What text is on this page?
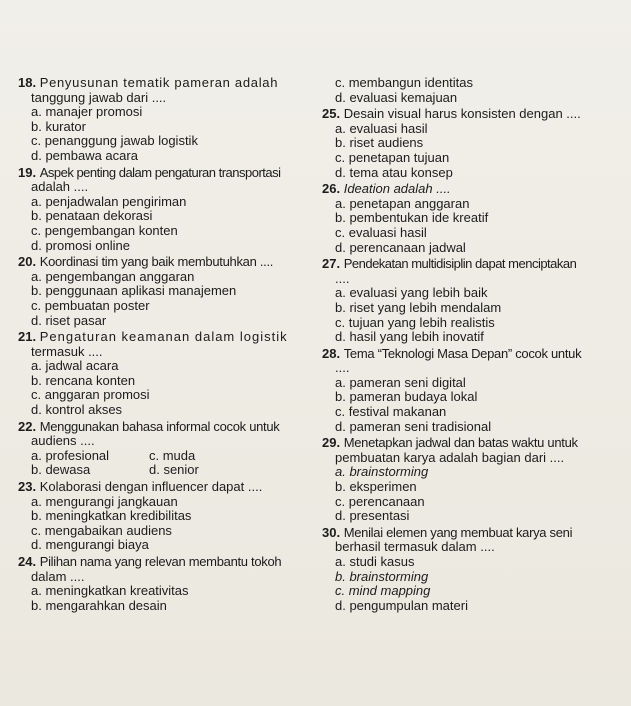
18. Penyusunan tematik pameran adalah
tanggung jawab dari ....
a. manajer promosi
b. kurator
c. penanggung jawab logistik
d. pembawa acara
19. Aspek penting dalam pengaturan transportasi
adalah ....
a. penjadwalan pengiriman
b. penataan dekorasi
c. pengembangan konten
d. promosi online
20. Koordinasi tim yang baik membutuhkan ....
a. pengembangan anggaran
b. penggunaan aplikasi manajemen
c. pembuatan poster
d. riset pasar
21. Pengaturan keamanan dalam logistik
termasuk ....
a. jadwal acara
b. rencana konten
c. anggaran promosi
d. kontrol akses
22. Menggunakan bahasa informal cocok untuk
audiens ....
a. profesional	c. muda
b. dewasa	d. senior
23. Kolaborasi dengan influencer dapat ....
a. mengurangi jangkauan
b. meningkatkan kredibilitas
c. mengabaikan audiens
d. mengurangi biaya
24. Pilihan nama yang relevan membantu tokoh
dalam ....
a. meningkatkan kreativitas
b. mengarahkan desain
c. membangun identitas
d. evaluasi kemajuan
25. Desain visual harus konsisten dengan ....
a. evaluasi hasil
b. riset audiens
c. penetapan tujuan
d. tema atau konsep
26. Ideation adalah ....
a. penetapan anggaran
b. pembentukan ide kreatif
c. evaluasi hasil
d. perencanaan jadwal
27. Pendekatan multidisiplin dapat menciptakan
....
a. evaluasi yang lebih baik
b. riset yang lebih mendalam
c. tujuan yang lebih realistis
d. hasil yang lebih inovatif
28. Tema “Teknologi Masa Depan” cocok untuk
....
a. pameran seni digital
b. pameran budaya lokal
c. festival makanan
d. pameran seni tradisional
29. Menetapkan jadwal dan batas waktu untuk
pembuatan karya adalah bagian dari ....
a. brainstorming
b. eksperimen
c. perencanaan
d. presentasi
30. Menilai elemen yang membuat karya seni
berhasil termasuk dalam ....
a. studi kasus
b. brainstorming
c. mind mapping
d. pengumpulan materi
